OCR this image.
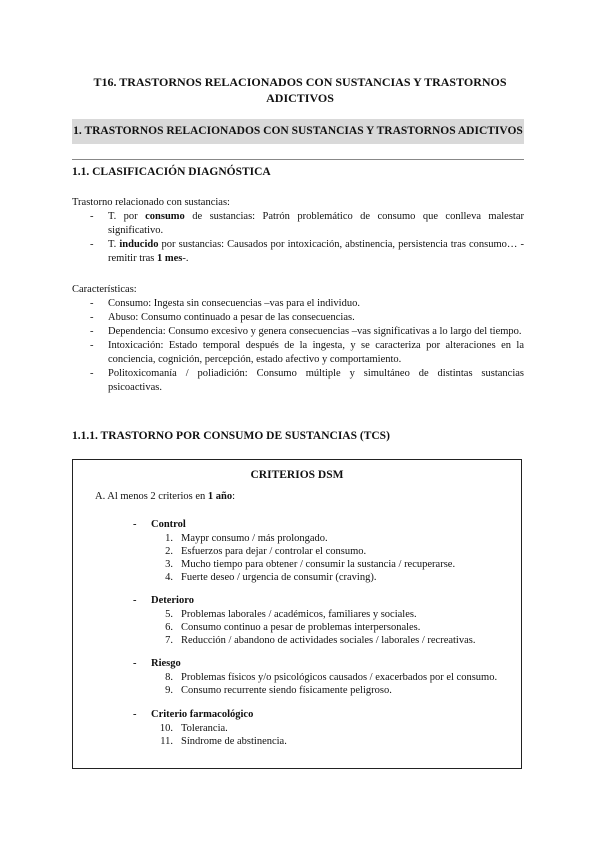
T16. TRASTORNOS RELACIONADOS CON SUSTANCIAS Y TRASTORNOS ADICTIVOS
1. TRASTORNOS RELACIONADOS CON SUSTANCIAS Y TRASTORNOS ADICTIVOS
1.1. CLASIFICACIÓN DIAGNÓSTICA
Trastorno relacionado con sustancias:
- T. por consumo de sustancias: Patrón problemático de consumo que conlleva malestar significativo.
- T. inducido por sustancias: Causados por intoxicación, abstinencia, persistencia tras consumo… -remitir tras 1 mes-.
Características:
- Consumo: Ingesta sin consecuencias –vas para el individuo.
- Abuso: Consumo continuado a pesar de las consecuencias.
- Dependencia: Consumo excesivo y genera consecuencias –vas significativas a lo largo del tiempo.
- Intoxicación: Estado temporal después de la ingesta, y se caracteriza por alteraciones en la conciencia, cognición, percepción, estado afectivo y comportamiento.
- Politoxicomanía / poliadición: Consumo múltiple y simultáneo de distintas sustancias psicoactivas.
1.1.1. TRASTORNO POR CONSUMO DE SUSTANCIAS (TCS)
CRITERIOS DSM
A. Al menos 2 criterios en 1 año:
- Control
1. Maypr consumo / más prolongado.
2. Esfuerzos para dejar / controlar el consumo.
3. Mucho tiempo para obtener / consumir la sustancia / recuperarse.
4. Fuerte deseo / urgencia de consumir (craving).
- Deterioro
5. Problemas laborales / académicos, familiares y sociales.
6. Consumo continuo a pesar de problemas interpersonales.
7. Reducción / abandono de actividades sociales / laborales / recreativas.
- Riesgo
8. Problemas físicos y/o psicológicos causados / exacerbados por el consumo.
9. Consumo recurrente siendo físicamente peligroso.
- Criterio farmacológico
10. Tolerancia.
11. Síndrome de abstinencia.
